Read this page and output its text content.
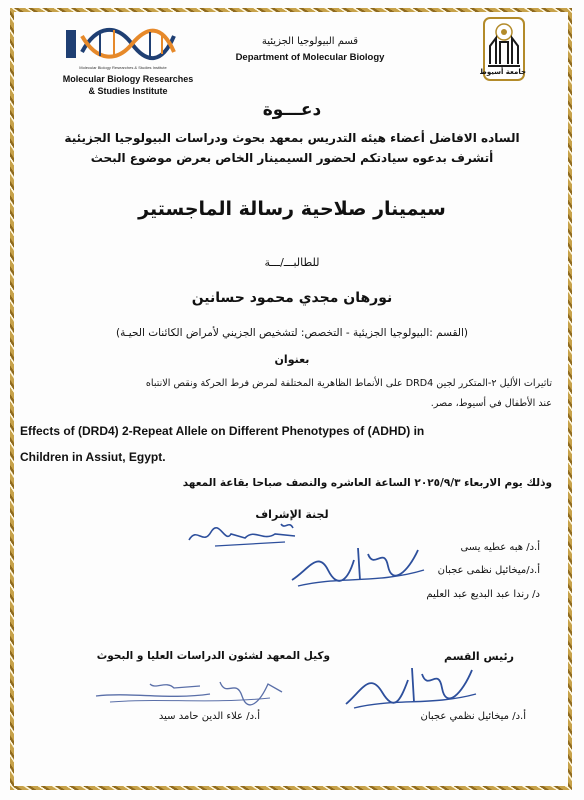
Molecular Biology Researches & Studies Institute
Molecular Biology Researches
& Studies Institute
قسم البيولوجيا الجزيئية
Department of Molecular Biology
جامعة أسيوط
دعـــوة
الساده الافاضل أعضاء هيئه التدريس بمعهد بحوث ودراسات البيولوجيا الجزيئية
أتشرف بدعوه سيادتكم لحضور السيمينار الخاص بعرض موضوع البحث
سيمينار صلاحية رسالة الماجستير
للطالبـــ/ـــة
نورهان مجدي محمود حسانين
(القسم :البيولوجيا الجزيئية - التخصص: لتشخيص الجزيني لأمراض الكائنات الحيـة)
بعنوان
تاثيرات الأليل ٢-المتكرر لجين DRD4 على الأنماط الظاهرية المختلفة لمرض فرط الحركة ونقص الانتباه
عند الأطفال في أسيوط، مصر.
Effects of (DRD4) 2-Repeat Allele on Different Phenotypes of (ADHD) in
Children in Assiut, Egypt.
وذلك يوم الاربعاء ٢٠٢٥/٩/٣ الساعة العاشره والنصف صباحا بقاعة المعهد
لجنة الإشراف
أ.د/ هبه عطيه يسى
أ.د/ميخائيل نظمى عجبان
د/ رندا عبد البديع عبد العليم
رئيس القسم
وكيل المعهد لشئون الدراسات العليا و البحوث
أ.د/ ميخائيل نظمي عجبان
أ.د/ علاء الدين حامد سيد
